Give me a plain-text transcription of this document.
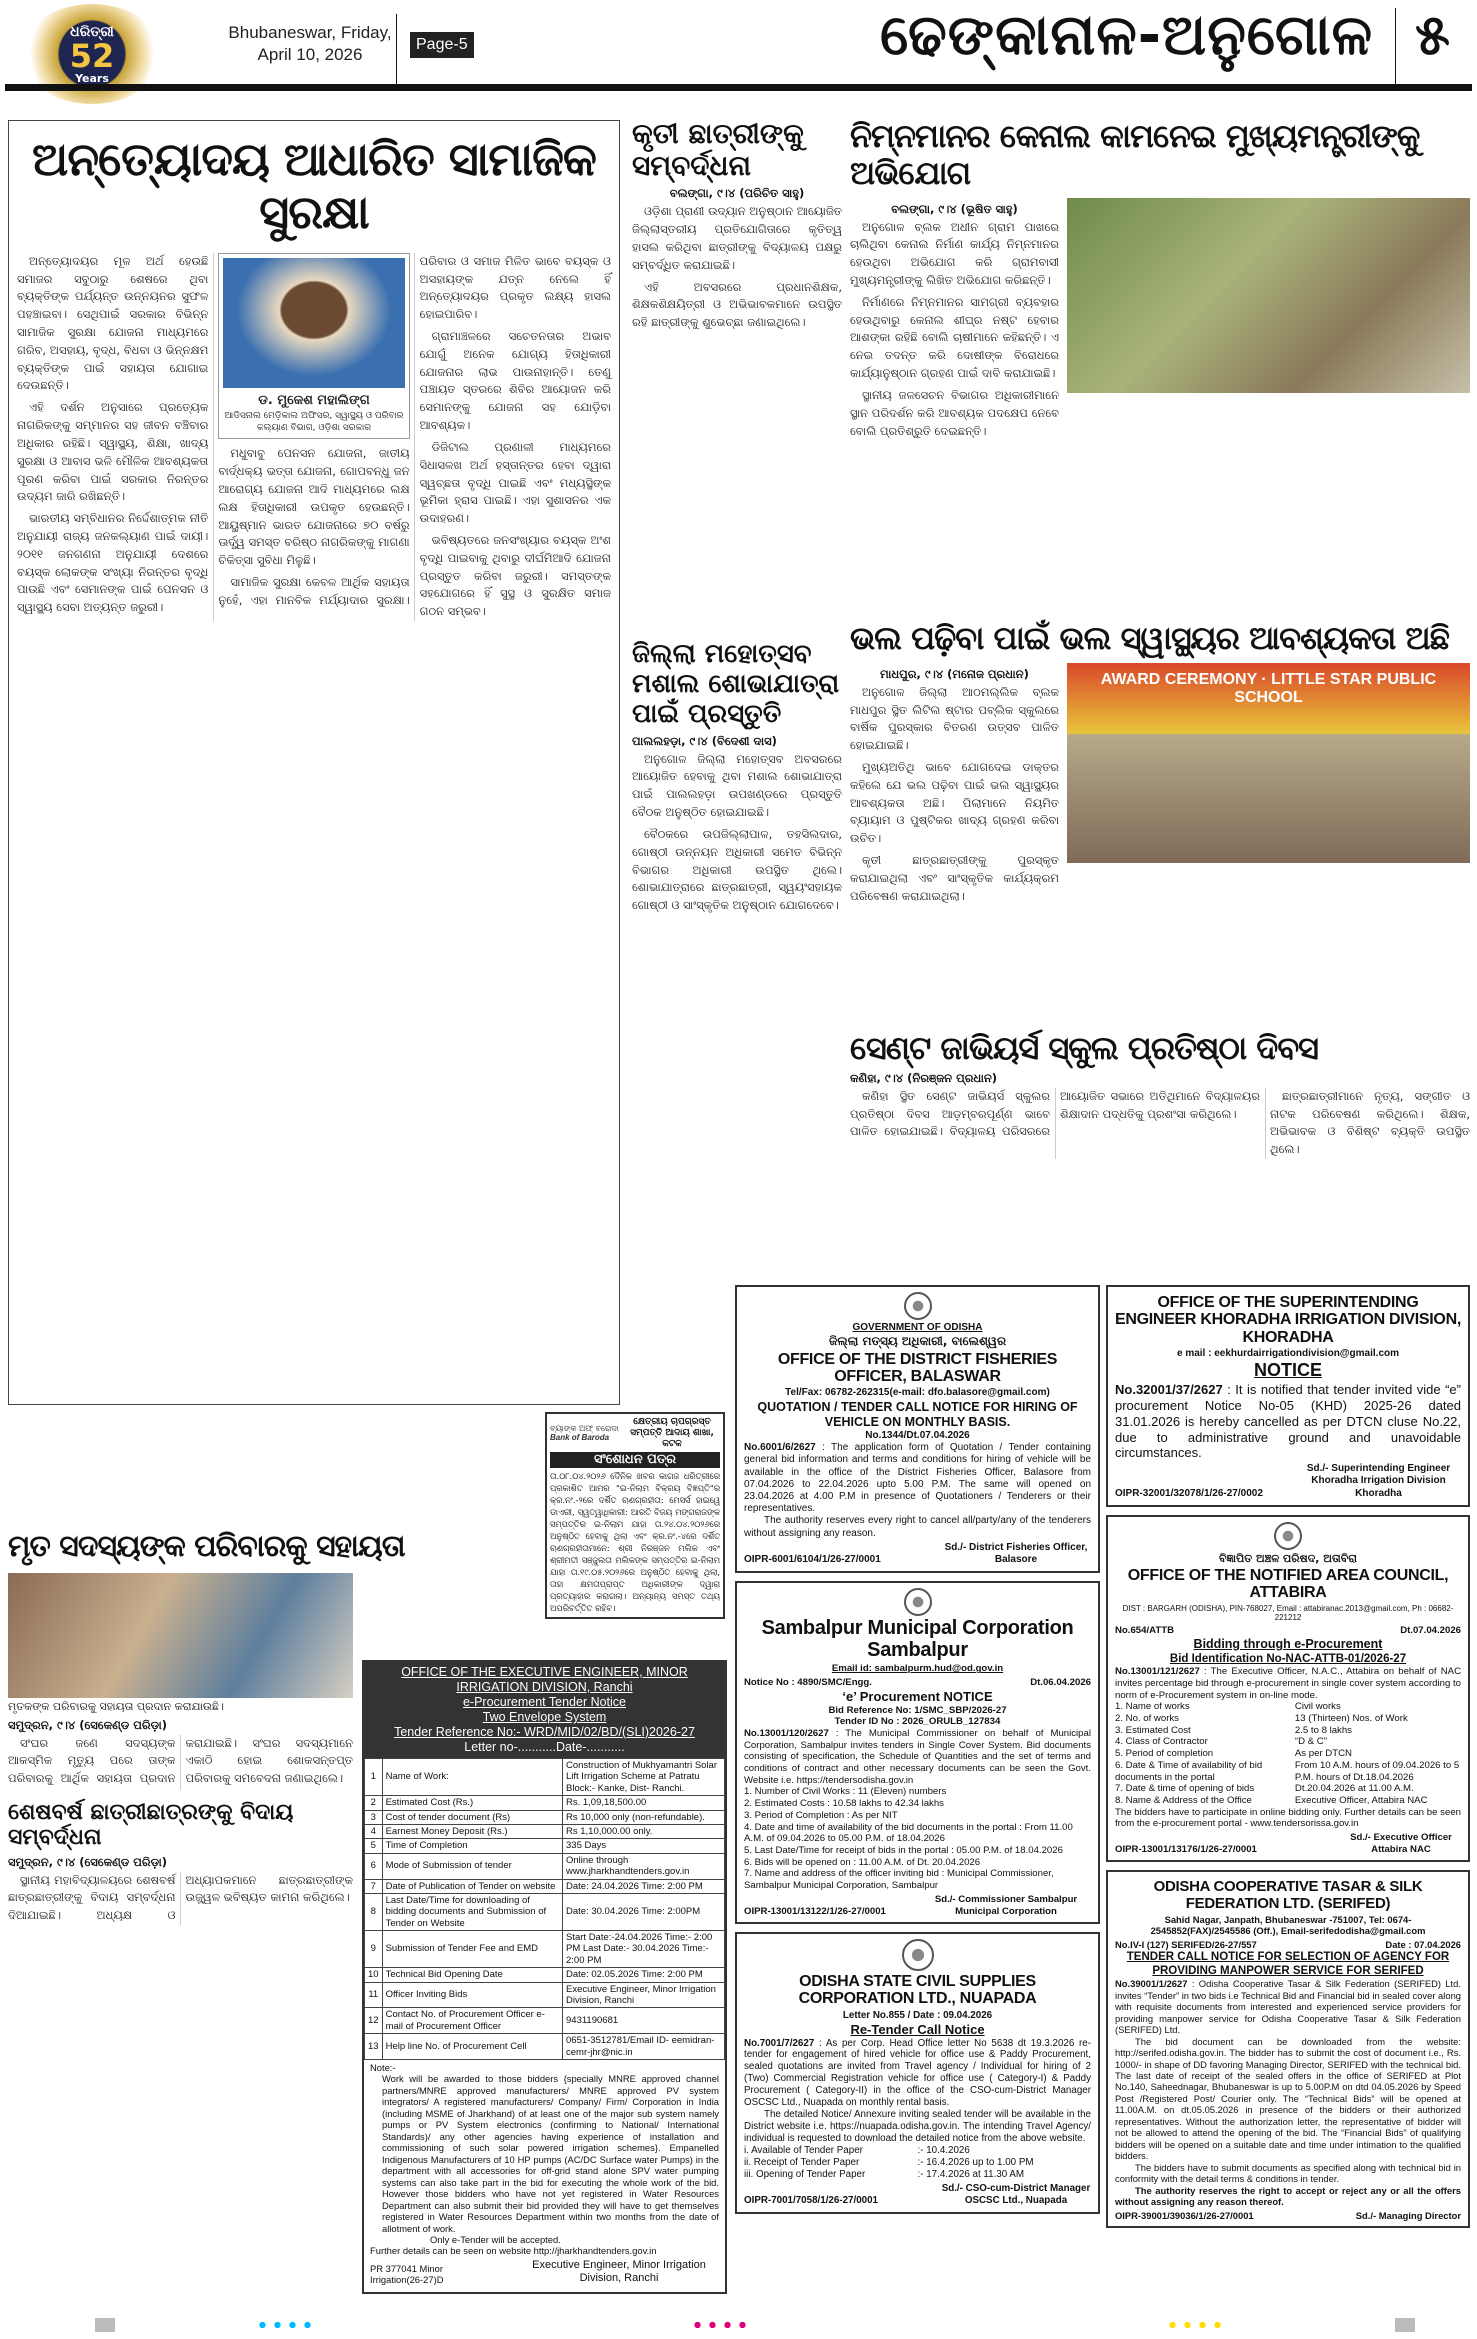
ଧରିତ୍ରୀ
52
Years
Bhubaneswar, Friday,
April 10, 2026
Page-5	ଢେଙ୍କାନାଳ-ଅନୁଗୋଳ ୫
ଅନ୍ତ୍ୟୋଦୟ ଆଧାରିତ ସାମାଜିକ ସୁରକ୍ଷା

ଅନ୍ତ୍ୟୋଦୟର ମୂଳ ଅର୍ଥ ହେଉଛି ସମାଜର ସବୁଠାରୁ ଶେଷରେ ଥିବା ବ୍ୟକ୍ତିଙ୍କ ପର୍ଯ୍ୟନ୍ତ ଉନ୍ନୟନର ସୁଫଳ ପହଞ୍ଚାଇବା। ସେଥିପାଇଁ ସରକାର ବିଭିନ୍ନ ସାମାଜିକ ସୁରକ୍ଷା ଯୋଜନା ମାଧ୍ୟମରେ ଗରିବ, ଅସହାୟ, ବୃଦ୍ଧ, ବିଧବା ଓ ଭିନ୍ନକ୍ଷମ ବ୍ୟକ୍ତିଙ୍କ ପାଇଁ ସହାୟତା ଯୋଗାଇ ଦେଉଛନ୍ତି।

ଏହି ଦର୍ଶନ ଅନୁସାରେ ପ୍ରତ୍ୟେକ ନାଗରିକଙ୍କୁ ସମ୍ମାନର ସହ ଜୀବନ ବଞ୍ଚିବାର ଅଧିକାର ରହିଛି। ସ୍ୱାସ୍ଥ୍ୟ, ଶିକ୍ଷା, ଖାଦ୍ୟ ସୁରକ୍ଷା ଓ ଆବାସ ଭଳି ମୌଳିକ ଆବଶ୍ୟକତା ପୂରଣ କରିବା ପାଇଁ ସରକାର ନିରନ୍ତର ଉଦ୍ୟମ ଜାରି ରଖିଛନ୍ତି।

ଭାରତୀୟ ସମ୍ବିଧାନର ନିର୍ଦ୍ଦେଶାତ୍ମକ ନୀତି ଅନୁଯାୟୀ ରାଜ୍ୟ ଜନକଲ୍ୟାଣ ପାଇଁ ଦାୟୀ। ୨୦୧୧ ଜନଗଣନା ଅନୁଯାୟୀ ଦେଶରେ ବୟସ୍କ ଲୋକଙ୍କ ସଂଖ୍ୟା ନିରନ୍ତର ବୃଦ୍ଧି ପାଉଛି ଏବଂ ସେମାନଙ୍କ ପାଇଁ ପେନସନ ଓ ସ୍ୱାସ୍ଥ୍ୟ ସେବା ଅତ୍ୟନ୍ତ ଜରୁରୀ।

ଡ. ମୁକେଶ ମହାଲିଙ୍ଗ
ଆଡିସନାଲ ମେଡ଼ିକାଲ ଅଫିସର, ସ୍ୱାସ୍ଥ୍ୟ ଓ ପରିବାର କଲ୍ୟାଣ ବିଭାଗ, ଓଡ଼ିଶା ସରକାର

ମଧୁବାବୁ ପେନସନ ଯୋଜନା, ଜାତୀୟ ବାର୍ଦ୍ଧକ୍ୟ ଭତ୍ତା ଯୋଜନା, ଗୋପବନ୍ଧୁ ଜନ ଆରୋଗ୍ୟ ଯୋଜନା ଆଦି ମାଧ୍ୟମରେ ଲକ୍ଷ ଲକ୍ଷ ହିତାଧିକାରୀ ଉପକୃତ ହେଉଛନ୍ତି। ଆୟୁଷ୍ମାନ ଭାରତ ଯୋଜନାରେ ୭୦ ବର୍ଷରୁ ଊର୍ଦ୍ଧ୍ୱ ସମସ୍ତ ବରିଷ୍ଠ ନାଗରିକଙ୍କୁ ମାଗଣା ଚିକିତ୍ସା ସୁବିଧା ମିଳୁଛି।

ସାମାଜିକ ସୁରକ୍ଷା କେବଳ ଆର୍ଥିକ ସହାୟତା ନୁହେଁ, ଏହା ମାନବିକ ମର୍ଯ୍ୟାଦାର ସୁରକ୍ଷା। ପରିବାର ଓ ସମାଜ ମିଳିତ ଭାବେ ବୟସ୍କ ଓ ଅସହାୟଙ୍କ ଯତ୍ନ ନେଲେ ହିଁ ଅନ୍ତ୍ୟୋଦୟର ପ୍ରକୃତ ଲକ୍ଷ୍ୟ ହାସଲ ହୋଇପାରିବ।

ଗ୍ରାମାଞ୍ଚଳରେ ସଚେତନତାର ଅଭାବ ଯୋଗୁଁ ଅନେକ ଯୋଗ୍ୟ ହିତାଧିକାରୀ ଯୋଜନାର ଲାଭ ପାଉନାହାନ୍ତି। ତେଣୁ ପଞ୍ଚାୟତ ସ୍ତରରେ ଶିବିର ଆୟୋଜନ କରି ସେମାନଙ୍କୁ ଯୋଜନା ସହ ଯୋଡ଼ିବା ଆବଶ୍ୟକ।

ଡିଜିଟାଲ ପ୍ରଣାଳୀ ମାଧ୍ୟମରେ ସିଧାସଳଖ ଅର୍ଥ ହସ୍ତାନ୍ତର ହେବା ଦ୍ୱାରା ସ୍ୱଚ୍ଛତା ବୃଦ୍ଧି ପାଇଛି ଏବଂ ମଧ୍ୟସ୍ଥିଙ୍କ ଭୂମିକା ହ୍ରାସ ପାଇଛି। ଏହା ସୁଶାସନର ଏକ ଉଦାହରଣ।

ଭବିଷ୍ୟତରେ ଜନସଂଖ୍ୟାର ବୟସ୍କ ଅଂଶ ବୃଦ୍ଧି ପାଇବାକୁ ଥିବାରୁ ଦୀର୍ଘମିଆଦି ଯୋଜନା ପ୍ରସ୍ତୁତ କରିବା ଜରୁରୀ। ସମସ୍ତଙ୍କ ସହଯୋଗରେ ହିଁ ସୁସ୍ଥ ଓ ସୁରକ୍ଷିତ ସମାଜ ଗଠନ ସମ୍ଭବ।

କୃତୀ ଛାତ୍ରୀଙ୍କୁ ସମ୍ବର୍ଦ୍ଧନା
ବଲଙ୍ଗା, ୯।୪ (ପରିଚିତ ସାହୁ)

ଓଡ଼ିଶା ପ୍ରାଣୀ ଉଦ୍ୟାନ ଅନୁଷ୍ଠାନ ଆୟୋଜିତ ଜିଲ୍ଲାସ୍ତରୀୟ ପ୍ରତିଯୋଗିତାରେ କୃତିତ୍ୱ ହାସଲ କରିଥିବା ଛାତ୍ରୀଙ୍କୁ ବିଦ୍ୟାଳୟ ପକ୍ଷରୁ ସମ୍ବର୍ଦ୍ଧିତ କରାଯାଇଛି।

ଏହି ଅବସରରେ ପ୍ରଧାନଶିକ୍ଷକ, ଶିକ୍ଷକଶିକ୍ଷୟିତ୍ରୀ ଓ ଅଭିଭାବକମାନେ ଉପସ୍ଥିତ ରହି ଛାତ୍ରୀଙ୍କୁ ଶୁଭେଚ୍ଛା ଜଣାଇଥିଲେ।

ନିମ୍ନମାନର କେନାଲ କାମନେଇ ମୁଖ୍ୟମନ୍ତ୍ରୀଙ୍କୁ ଅଭିଯୋଗ
ବଲଙ୍ଗା, ୯।୪ (ଭୂଷିତ ସାହୁ)

ଅନୁଗୋଳ ବ୍ଲକ ଅଧୀନ ଗ୍ରାମ ପାଖରେ ଚାଲିଥିବା କେନାଲ ନିର୍ମାଣ କାର୍ଯ୍ୟ ନିମ୍ନମାନର ହେଉଥିବା ଅଭିଯୋଗ କରି ଗ୍ରାମବାସୀ ମୁଖ୍ୟମନ୍ତ୍ରୀଙ୍କୁ ଲିଖିତ ଅଭିଯୋଗ କରିଛନ୍ତି।

ନିର୍ମାଣରେ ନିମ୍ନମାନର ସାମଗ୍ରୀ ବ୍ୟବହାର ହେଉଥିବାରୁ କେନାଲ ଶୀଘ୍ର ନଷ୍ଟ ହେବାର ଆଶଙ୍କା ରହିଛି ବୋଲି ଚାଷୀମାନେ କହିଛନ୍ତି। ଏ ନେଇ ତଦନ୍ତ କରି ଦୋଷୀଙ୍କ ବିରୋଧରେ କାର୍ଯ୍ୟାନୁଷ୍ଠାନ ଗ୍ରହଣ ପାଇଁ ଦାବି କରାଯାଇଛି।

ସ୍ଥାନୀୟ ଜଳସେଚନ ବିଭାଗର ଅଧିକାରୀମାନେ ସ୍ଥାନ ପରିଦର୍ଶନ କରି ଆବଶ୍ୟକ ପଦକ୍ଷେପ ନେବେ ବୋଲି ପ୍ରତିଶ୍ରୁତି ଦେଇଛନ୍ତି।

ଜିଲ୍ଲା ମହୋତ୍ସବ ମଶାଲ ଶୋଭାଯାତ୍ରା ପାଇଁ ପ୍ରସ୍ତୁତି
ପାଲଲହଡ଼ା, ୯।୪ (ବିଦେଶୀ ଦାସ)

ଅନୁଗୋଳ ଜିଲ୍ଲା ମହୋତ୍ସବ ଅବସରରେ ଆୟୋଜିତ ହେବାକୁ ଥିବା ମଶାଲ ଶୋଭାଯାତ୍ରା ପାଇଁ ପାଲଲହଡ଼ା ଉପଖଣ୍ଡରେ ପ୍ରସ୍ତୁତି ବୈଠକ ଅନୁଷ୍ଠିତ ହୋଇଯାଇଛି।

ବୈଠକରେ ଉପଜିଲ୍ଲାପାଳ, ତହସିଲଦାର, ଗୋଷ୍ଠୀ ଉନ୍ନୟନ ଅଧିକାରୀ ସମେତ ବିଭିନ୍ନ ବିଭାଗର ଅଧିକାରୀ ଉପସ୍ଥିତ ଥିଲେ। ଶୋଭାଯାତ୍ରାରେ ଛାତ୍ରଛାତ୍ରୀ, ସ୍ୱୟଂସହାୟକ ଗୋଷ୍ଠୀ ଓ ସାଂସ୍କୃତିକ ଅନୁଷ୍ଠାନ ଯୋଗଦେବେ।

ଭଲ ପଢ଼ିବା ପାଇଁ ଭଲ ସ୍ୱାସ୍ଥ୍ୟର ଆବଶ୍ୟକତା ଅଛି
ମାଧପୁର, ୯।୪ (ମନୋଜ ପ୍ରଧାନ)

ଅନୁଗୋଳ ଜିଲ୍ଲା ଆଠମଲ୍ଲିକ ବ୍ଲକ ମାଧପୁର ସ୍ଥିତ ଲିଟିଲ ଷ୍ଟାର ପବ୍ଲିକ ସ୍କୁଲରେ ବାର୍ଷିକ ପୁରସ୍କାର ବିତରଣ ଉତ୍ସବ ପାଳିତ ହୋଇଯାଇଛି।

ମୁଖ୍ୟଅତିଥି ଭାବେ ଯୋଗଦେଇ ଡାକ୍ତର କହିଲେ ଯେ ଭଲ ପଢ଼ିବା ପାଇଁ ଭଲ ସ୍ୱାସ୍ଥ୍ୟର ଆବଶ୍ୟକତା ଅଛି। ପିଲାମାନେ ନିୟମିତ ବ୍ୟାୟାମ ଓ ପୁଷ୍ଟିକର ଖାଦ୍ୟ ଗ୍ରହଣ କରିବା ଉଚିତ।

କୃତୀ ଛାତ୍ରଛାତ୍ରୀଙ୍କୁ ପୁରସ୍କୃତ କରାଯାଇଥିଲା ଏବଂ ସାଂସ୍କୃତିକ କାର୍ଯ୍ୟକ୍ରମ ପରିବେଷଣ କରାଯାଇଥିଲା।

AWARD CEREMONY · LITTLE STAR PUBLIC SCHOOL
ସେଣ୍ଟ ଜାଭିୟର୍ସ ସ୍କୁଲ ପ୍ରତିଷ୍ଠା ଦିବସ
କଣିହା, ୯।୪ (ନିରଞ୍ଜନ ପ୍ରଧାନ)

କଣିହା ସ୍ଥିତ ସେଣ୍ଟ ଜାଭିୟର୍ସ ସ୍କୁଲର ପ୍ରତିଷ୍ଠା ଦିବସ ଆଡ଼ମ୍ବରପୂର୍ଣ୍ଣ ଭାବେ ପାଳିତ ହୋଇଯାଇଛି। ବିଦ୍ୟାଳୟ ପରିସରରେ ଆୟୋଜିତ ସଭାରେ ଅତିଥିମାନେ ବିଦ୍ୟାଳୟର ଶିକ୍ଷାଦାନ ପଦ୍ଧତିକୁ ପ୍ରଶଂସା କରିଥିଲେ।

ଛାତ୍ରଛାତ୍ରୀମାନେ ନୃତ୍ୟ, ସଙ୍ଗୀତ ଓ ନାଟକ ପରିବେଷଣ କରିଥିଲେ। ଶିକ୍ଷକ, ଅଭିଭାବକ ଓ ବିଶିଷ୍ଟ ବ୍ୟକ୍ତି ଉପସ୍ଥିତ ଥିଲେ।

ମୃତ ସଦସ୍ୟଙ୍କ ପରିବାରକୁ ସହାୟତା
ମୃତକଙ୍କ ପରିବାରକୁ ସହାୟତା ପ୍ରଦାନ କରାଯାଉଛି।
ସମୁଦ୍ରନ, ୯।୪ (ସେକେଣ୍ଡ ପରିଡ଼ା)

ସଂଘର ଜଣେ ସଦସ୍ୟଙ୍କ ଆକସ୍ମିକ ମୃତ୍ୟୁ ପରେ ତାଙ୍କ ପରିବାରକୁ ଆର୍ଥିକ ସହାୟତା ପ୍ରଦାନ କରାଯାଇଛି। ସଂଘର ସଦସ୍ୟମାନେ ଏକାଠି ହୋଇ ଶୋକସନ୍ତପ୍ତ ପରିବାରକୁ ସମବେଦନା ଜଣାଇଥିଲେ।

ଶେଷବର୍ଷ ଛାତ୍ରୀଛାତ୍ରଙ୍କୁ ବିଦାୟ ସମ୍ବର୍ଦ୍ଧନା
ସମୁଦ୍ରନ, ୯।୪ (ସେକେଣ୍ଡ ପରିଡ଼ା)

ସ୍ଥାନୀୟ ମହାବିଦ୍ୟାଳୟରେ ଶେଷବର୍ଷ ଛାତ୍ରଛାତ୍ରୀଙ୍କୁ ବିଦାୟ ସମ୍ବର୍ଦ୍ଧନା ଦିଆଯାଇଛି। ଅଧ୍ୟକ୍ଷ ଓ ଅଧ୍ୟାପକମାନେ ଛାତ୍ରଛାତ୍ରୀଙ୍କ ଉଜ୍ଜ୍ୱଳ ଭବିଷ୍ୟତ କାମନା କରିଥିଲେ।

ବ୍ୟାଙ୍କ ଅଫ୍ ବରୋଦା
Bank of Baroda
କ୍ଷେତ୍ରୀୟ ଚାପଗ୍ରସ୍ତ ସମ୍ପତ୍ତି ଆଦାୟ ଶାଖା, କଟକ
ସଂଶୋଧନ ପତ୍ର
ତା.୦୮.୦୪.୨୦୨୬ ଦୈନିକ ଖବର କାଗଜ ଧରିତ୍ରୀରେ ପ୍ରକାଶିତ ଆମର "ଇ-ନିଲାମ ବିକ୍ରୟ ବିଜ୍ଞପ୍ତି"ର କ୍ର.ନଂ.-୨ରେ ଦର୍ଶିତ ଋଣଗ୍ରହୀତା: ମେସର୍ସ ହାଇୱେ ଡାଏରୀ, ସ୍ୱତ୍ୱାଧିକାରୀ: ଆରତି ବିଜୟ ମଙ୍ଗରାଜଙ୍କ ସମ୍ପତ୍ତିର ଇ-ନିଲାମ ଯାହା ତା.୨୪.୦୪.୨୦୨୬ରେ ଅନୁଷ୍ଠିତ ହେବାକୁ ଥିଲା ଏବଂ କ୍ର.ନଂ.-୪ରେ ଦର୍ଶିତ ଋଣଗ୍ରହୀତାମାନେ: ଶ୍ରୀ ନିରଞ୍ଜନ ମଲିକ ଏବଂ ଶ୍ରୀମତୀ ସଞ୍ଜୁଲତା ମଲିକଙ୍କ ସମ୍ପତ୍ତିର ଇ-ନିଲାମ ଯାହା ତା.୧୯.୦୫.୨୦୨୬ରେ ଅନୁଷ୍ଠିତ ହେବାକୁ ଥିଲା, ତାହା କ୍ଷମତାପ୍ରାପ୍ତ ଅଧିକାରୀଙ୍କ ଦ୍ୱାରା ପ୍ରତ୍ୟାହାର କରାଗଲା। ଅନ୍ୟାନ୍ୟ ସମସ୍ତ ତଥ୍ୟ ଅପରିବର୍ତ୍ତିତ ରହିବ।
OFFICE OF THE EXECUTIVE ENGINEER, MINOR IRRIGATION DIVISION, Ranchi
e-Procurement Tender Notice
Two Envelope System
Tender Reference No:- WRD/MID/02/BD/(SLI)2026-27
Letter no-...........Date-...........
1	Name of Work:	Construction of Mukhyamantri Solar Lift Irrigation Scheme at Patratu Block:- Kanke, Dist- Ranchi.
2	Estimated Cost (Rs.)	Rs. 1,09,18,500.00
3	Cost of tender document (Rs)	Rs 10,000 only (non-refundable).
4	Earnest Money Deposit (Rs.)	Rs 1,10,000.00 only.
5	Time of Completion	335 Days
6	Mode of Submission of tender	Online through www.jharkhandtenders.gov.in
7	Date of Publication of Tender on website	Date: 24.04.2026 Time: 2:00 PM
8	Last Date/Time for downloading of bidding documents and Submission of Tender on Website	Date: 30.04.2026 Time: 2:00PM
9	Submission of Tender Fee and EMD	Start Date:-24.04.2026 Time:- 2:00 PM Last Date:- 30.04.2026 Time:- 2:00 PM
10	Technical Bid Opening Date	Date: 02.05.2026 Time: 2:00 PM
11	Officer Inviting Bids	Executive Engineer, Minor Irrigation Division, Ranchi
12	Contact No. of Procurement Officer e-mail of Procurement Officer	9431190681
13	Help line No. of Procurement Cell	0651-3512781/Email ID- eemidran-cemr-jhr@nic.in
Note:-
Work will be awarded to those bidders {specially MNRE approved channel partners/MNRE approved manufacturers/ MNRE approved PV system integrators/ A registered manufacturers/ Company/ Firm/ Corporation in India (including MSME of Jharkhand) of at least one of the major sub system namely pumps or PV System electronics (confirming to National/ International Standards)/ any other agencies having experience of installation and commissioning of such solar powered irrigation schemes}. Empanelled Indigenous Manufacturers of 10 HP pumps (AC/DC Surface water Pumps) in the department with all accessories for off-grid stand alone SPV water pumping systems can also take part in the bid for executing the whole work of the bid. However those bidders who have not yet registered in Water Resources Department can also submit their bid provided they will have to get themselves registered in Water Resources Department within two months from the date of allotment of work.
Only e-Tender will be accepted.
Further details can be seen on website http://jharkhandtenders.gov.in
PR 377041 Minor Irrigation(26-27)D
Executive Engineer, Minor Irrigation Division, Ranchi
GOVERNMENT OF ODISHA
ଜିଲ୍ଲା ମତ୍ସ୍ୟ ଅଧିକାରୀ, ବାଲେଶ୍ୱର
OFFICE OF THE DISTRICT FISHERIES OFFICER, BALASWAR
Tel/Fax: 06782-262315(e-mail: dfo.balasore@gmail.com)
QUOTATION / TENDER CALL NOTICE FOR HIRING OF VEHICLE ON MONTHLY BASIS.
No.1344/Dt.07.04.2026
No.6001/6/2627 : The application form of Quotation / Tender containing general bid information and terms and conditions for hiring of vehicle will be available in the office of the District Fisheries Officer, Balasore from 07.04.2026 to 22.04.2026 upto 5.00 P.M. The same will opened on 23.04.2026 at 4.00 P.M in presence of Quotationers / Tenderers or their representatives.
The authority reserves every right to cancel all/party/any of the tenderers without assigning any reason.
OIPR-6001/6104/1/26-27/0001
Sd./- District Fisheries Officer, Balasore
Sambalpur Municipal Corporation Sambalpur
Email id: sambalpurm.hud@od.gov.in
Notice No : 4890/SMC/Engg.	Dt.06.04.2026
‘e’ Procurement NOTICE
Bid Reference No: 1/SMC_SBP/2026-27
Tender ID No : 2026_ORULB_127834
No.13001/120/2627 : The Municipal Commissioner on behalf of Municipal Corporation, Sambalpur invites tenders in Single Cover System. Bid documents consisting of specification, the Schedule of Quantities and the set of terms and conditions of contract and other necessary documents can be seen the Govt. Website i.e. https://tendersodisha.gov.in
1. Number of Civil Works : 11 (Eleven) numbers
2. Estimated Costs : 10.58 lakhs to 42.34 lakhs
3. Period of Completion : As per NIT
4. Date and time of availability of the bid documents in the portal : From 11.00 A.M. of 09.04.2026 to 05.00 P.M. of 18.04.2026
5. Last Date/Time for receipt of bids in the portal : 05.00 P.M. of 18.04.2026
6. Bids will be opened on : 11.00 A.M. of Dt. 20.04.2026
7. Name and address of the officer inviting bid : Municipal Commissioner, Sambalpur Municipal Corporation, Sambalpur
OIPR-13001/13122/1/26-27/0001
Sd./- Commissioner Sambalpur Municipal Corporation
ODISHA STATE CIVIL SUPPLIES CORPORATION LTD., NUAPADA
Letter No.855 / Date : 09.04.2026
Re-Tender Call Notice
No.7001/7/2627 : As per Corp. Head Office letter No 5638 dt 19.3.2026 re-tender for engagement of hired vehicle for office use & Paddy Procurement, sealed quotations are invited from Travel agency / Individual for hiring of 2 (Two) Commercial Registration vehicle for office use ( Category-I) & Paddy Procurement ( Category-II) in the office of the CSO-cum-District Manager OSCSC Ltd., Nuapada on monthly rental basis.
The detailed Notice/ Annexure inviting sealed tender will be available in the District website i.e. https://nuapada.odisha.gov.in. The intending Travel Agency/ individual is requested to download the detailed notice from the above website.
i. Available of Tender Paper	:- 10.4.2026
ii. Receipt of Tender Paper	:- 16.4.2026 up to 1.00 PM
iii. Opening of Tender Paper	:- 17.4.2026 at 11.30 AM
OIPR-7001/7058/1/26-27/0001
Sd./- CSO-cum-District Manager OSCSC Ltd., Nuapada
OFFICE OF THE SUPERINTENDING ENGINEER KHORADHA IRRIGATION DIVISION, KHORADHA
e mail : eekhurdairrigationdivision@gmail.com
NOTICE
No.32001/37/2627 : It is notified that tender invited vide “e” procurement Notice No-05 (KHD) 2025-26 dated 31.01.2026 is hereby cancelled as per DTCN cluse No.22, due to administrative ground and unavoidable circumstances.
OIPR-32001/32078/1/26-27/0002
Sd./- Superintending Engineer Khoradha Irrigation Division Khoradha
ବିଜ୍ଞାପିତ ଅଞ୍ଚଳ ପରିଷଦ, ଅତାବିରା
OFFICE OF THE NOTIFIED AREA COUNCIL, ATTABIRA
DIST : BARGARH (ODISHA), PIN-768027, Email : attabiranac.2013@gmail.com, Ph : 06682-221212
No.654/ATTB	Dt.07.04.2026
Bidding through e-Procurement
Bid Identification No-NAC-ATTB-01/2026-27
No.13001/121/2627 : The Executive Officer, N.A.C., Attabira on behalf of NAC invites percentage bid through e-procurement in single cover system according to norm of e-Procurement system in on-line mode.
1. Name of works	Civil works
2. No. of works	13 (Thirteen) Nos. of Work
3. Estimated Cost	2.5 to 8 lakhs
4. Class of Contractor	“D & C”
5. Period of completion	As per DTCN
6. Date & Time of availability of bid documents in the portal
From 10 A.M. hours of 09.04.2026 to 5 P.M. hours of Dt.18.04.2026
7. Date & time of opening of bids	Dt.20.04.2026 at 11.00 A.M.
8. Name & Address of the Office	Executive Officer, Attabira NAC
The bidders have to participate in online bidding only. Further details can be seen from the e-procurement portal - www.tendersorissa.gov.in
OIPR-13001/13176/1/26-27/0001
Sd./- Executive Officer Attabira NAC
ODISHA COOPERATIVE TASAR & SILK FEDERATION LTD. (SERIFED)
Sahid Nagar, Janpath, Bhubaneswar -751007, Tel: 0674-2545852(FAX)/2545586 (Off.), Email-serifedodisha@gmail.com
No.IV-I (127) SERIFED/26-27/557	Date : 07.04.2026
TENDER CALL NOTICE FOR SELECTION OF AGENCY FOR PROVIDING MANPOWER SERVICE FOR SERIFED
No.39001/1/2627 : Odisha Cooperative Tasar & Silk Federation (SERIFED) Ltd. invites “Tender” in two bids i.e Technical Bid and Financial bid in sealed cover along with requisite documents from interested and experienced service providers for providing manpower service for Odisha Cooperative Tasar & Silk Federation (SERIFED) Ltd.
The bid document can be downloaded from the website: http://serifed.odisha.gov.in. The bidder has to submit the cost of document i.e., Rs. 1000/- in shape of DD favoring Managing Director, SERIFED with the technical bid. The last date of receipt of the sealed offers in the office of SERIFED at Plot No.140, Saheednagar, Bhubaneswar is up to 5.00P.M on dtd 04.05.2026 by Speed Post /Registered Post/ Courier only. The “Technical Bids” will be opened at 11.00A.M. on dt.05.05.2026 in presence of the bidders or their authorized representatives. Without the authorization letter, the representative of bidder will not be allowed to attend the opening of the bid. The “Financial Bids” of qualifying bidders will be opened on a suitable date and time under intimation to the qualified bidders.
The bidders have to submit documents as specified along with technical bid in conformity with the detail terms & conditions in tender.
The authority reserves the right to accept or reject any or all the offers without assigning any reason thereof.
OIPR-39001/39036/1/26-27/0001	Sd./- Managing Director
